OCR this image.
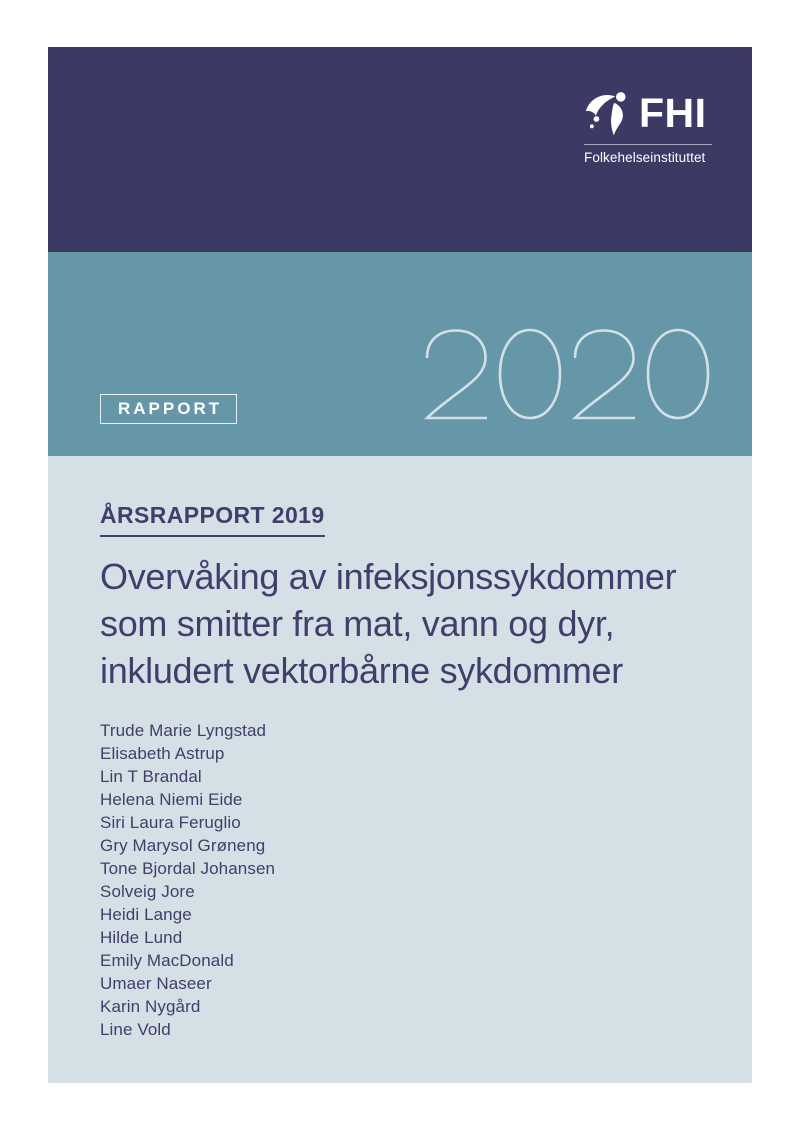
FHI
Folkehelseinstituttet
RAPPORT
ÅRSRAPPORT 2019
Overvåking av infeksjonssykdommer
som smitter fra mat, vann og dyr,
inkludert vektorbårne sykdommer
Trude Marie Lyngstad
Elisabeth Astrup
Lin T Brandal
Helena Niemi Eide
Siri Laura Feruglio
Gry Marysol Grøneng
Tone Bjordal Johansen
Solveig Jore
Heidi Lange
Hilde Lund
Emily MacDonald
Umaer Naseer
Karin Nygård
Line Vold
